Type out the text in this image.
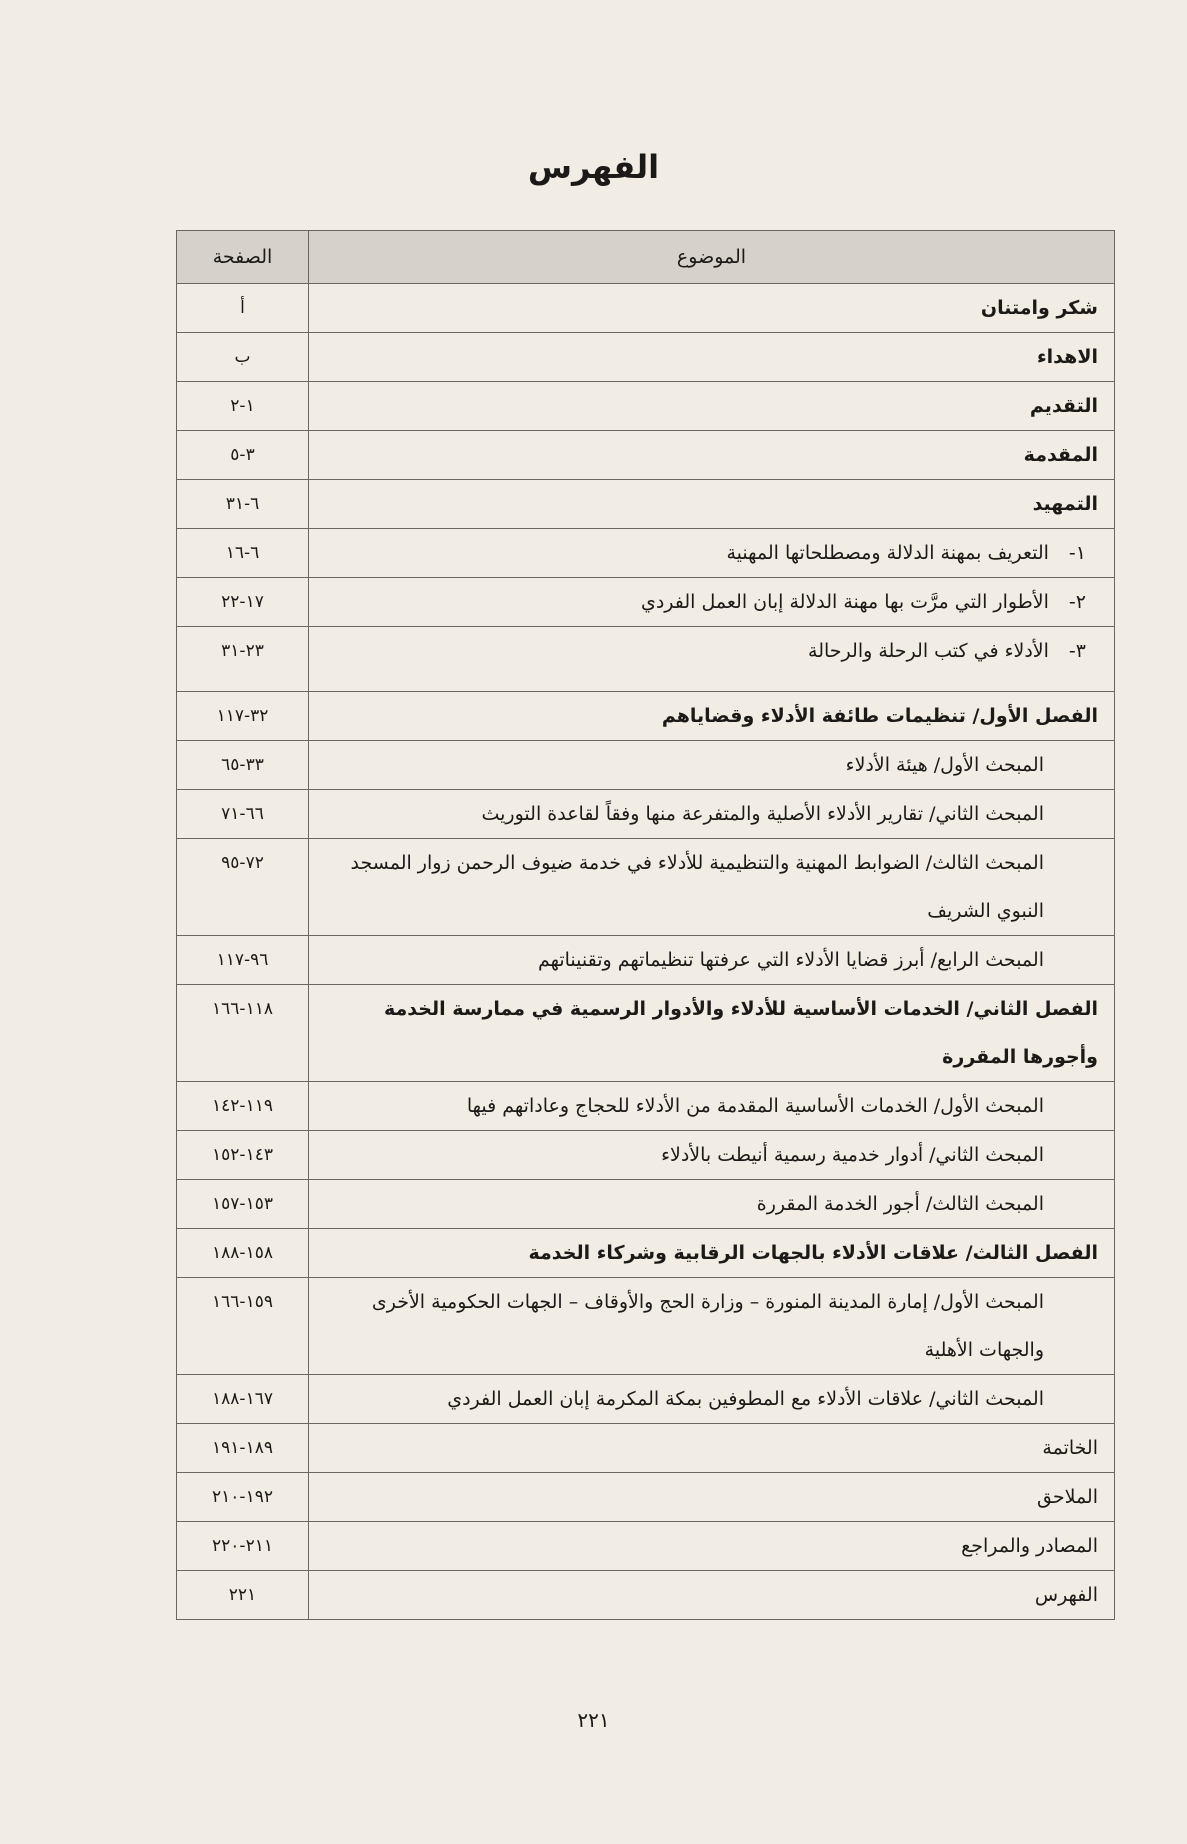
الفهرس
الموضوع	الصفحة
شكر وامتنان	أ
الاهداء	ب
التقديم	١-٢
المقدمة	٣-٥
التمهيد	٦-٣١
١-التعريف بمهنة الدلالة ومصطلحاتها المهنية	٦-١٦
٢-الأطوار التي مرَّت بها مهنة الدلالة إبان العمل الفردي	١٧-٢٢
٣-الأدلاء في كتب الرحلة والرحالة	٢٣-٣١
الفصل الأول/ تنظيمات طائفة الأدلاء وقضاياهم	٣٢-١١٧
المبحث الأول/ هيئة الأدلاء	٣٣-٦٥
المبحث الثاني/ تقارير الأدلاء الأصلية والمتفرعة منها وفقاً لقاعدة التوريث	٦٦-٧١
المبحث الثالث/ الضوابط المهنية والتنظيمية للأدلاء في خدمة ضيوف الرحمن زوار المسجد النبوي الشريف	٧٢-٩٥
المبحث الرابع/ أبرز قضايا الأدلاء التي عرفتها تنظيماتهم وتقنيناتهم	٩٦-١١٧
الفصل الثاني/ الخدمات الأساسية للأدلاء والأدوار الرسمية في ممارسة الخدمة وأجورها المقررة	١١٨-١٦٦
المبحث الأول/ الخدمات الأساسية المقدمة من الأدلاء للحجاج وعاداتهم فيها	١١٩-١٤٢
المبحث الثاني/ أدوار خدمية رسمية أنيطت بالأدلاء	١٤٣-١٥٢
المبحث الثالث/ أجور الخدمة المقررة	١٥٣-١٥٧
الفصل الثالث/ علاقات الأدلاء بالجهات الرقابية وشركاء الخدمة	١٥٨-١٨٨
المبحث الأول/ إمارة المدينة المنورة – وزارة الحج والأوقاف – الجهات الحكومية الأخرى والجهات الأهلية	١٥٩-١٦٦
المبحث الثاني/ علاقات الأدلاء مع المطوفين بمكة المكرمة إبان العمل الفردي	١٦٧-١٨٨
الخاتمة	١٨٩-١٩١
الملاحق	١٩٢-٢١٠
المصادر والمراجع	٢١١-٢٢٠
الفهرس	٢٢١
٢٢١
